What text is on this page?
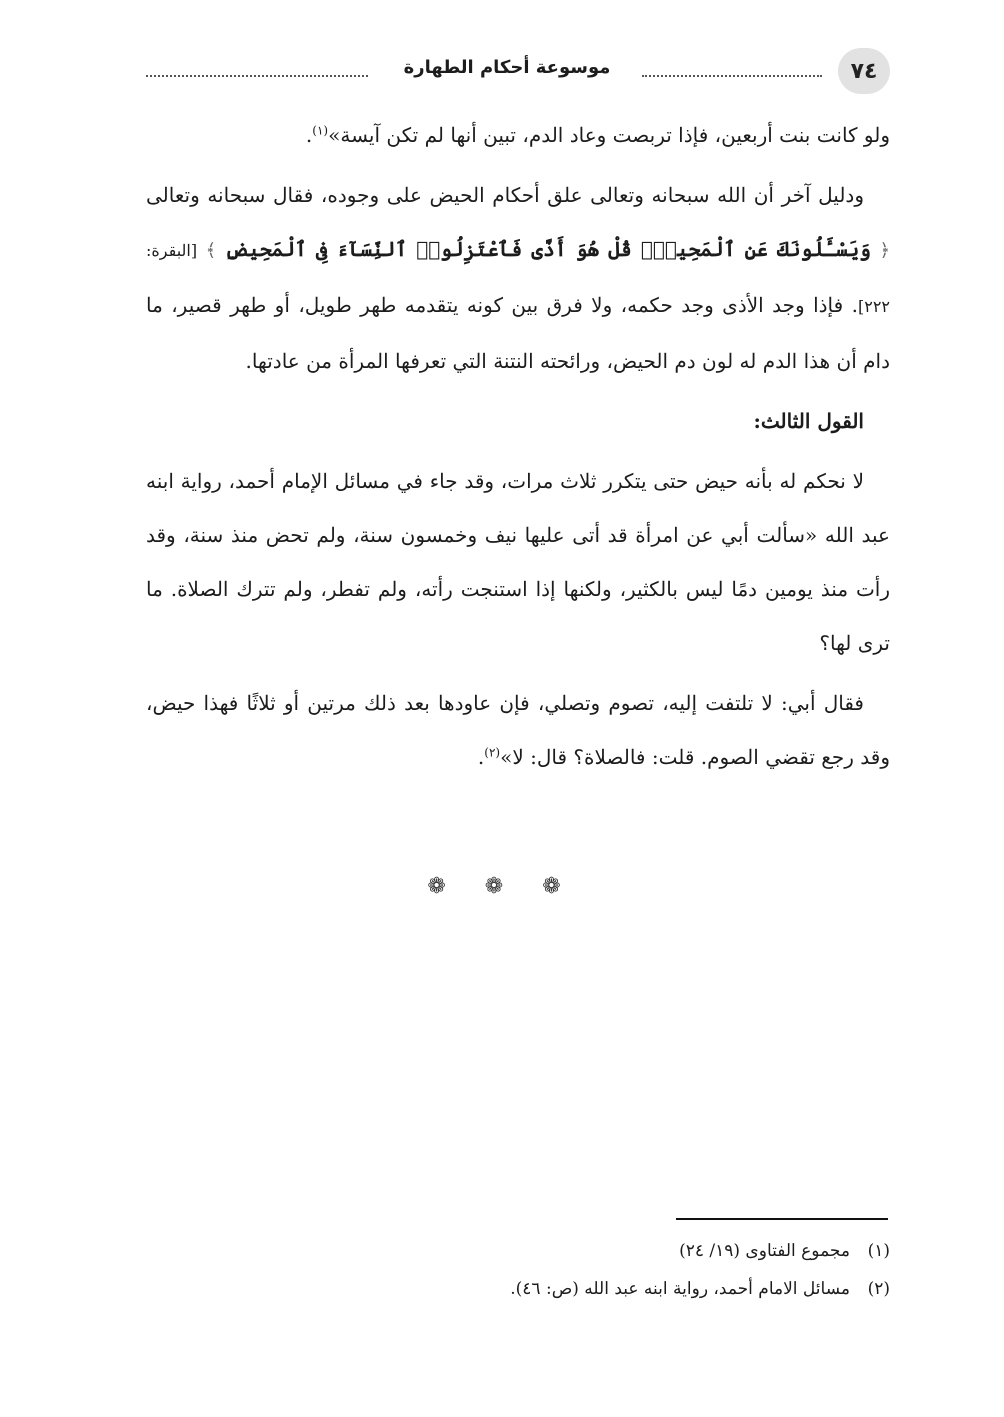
موسوعة أحكام الطهارة	٧٤

ولو كانت بنت أربعين، فإذا تربصت وعاد الدم، تبين أنها لم تكن آيسة»$^{(١)}$.

ودليل آخر أن الله سبحانه وتعالى علق أحكام الحيض على وجوده، فقال سبحانه وتعالى ﴿ وَيَسْـَٔلُونَكَ عَنِ ٱلْمَحِيضِۖ قُلْ هُوَ أَذًى فَٱعْتَزِلُوا۟ ٱلنِّسَآءَ فِى ٱلْمَحِيضِ ﴾ [البقرة: ٢٢٢]. فإذا وجد الأذى وجد حكمه، ولا فرق بين كونه يتقدمه طهر طويل، أو طهر قصير، ما دام أن هذا الدم له لون دم الحيض، ورائحته النتنة التي تعرفها المرأة من عادتها.

القول الثالث:

لا نحكم له بأنه حيض حتى يتكرر ثلاث مرات، وقد جاء في مسائل الإمام أحمد، رواية ابنه عبد الله «سألت أبي عن امرأة قد أتى عليها نيف وخمسون سنة، ولم تحض منذ سنة، وقد رأت منذ يومين دمًا ليس بالكثير، ولكنها إذا استنجت رأته، ولم تفطر، ولم تترك الصلاة. ما ترى لها؟

فقال أبي: لا تلتفت إليه، تصوم وتصلي، فإن عاودها بعد ذلك مرتين أو ثلاثًا فهذا حيض، وقد رجع تقضي الصوم. قلت: فالصلاة؟ قال: لا»$^{(٢)}$.

❁ ❁ ❁
(١)مجموع الفتاوى (١٩/ ٢٤)
(٢)مسائل الامام أحمد، رواية ابنه عبد الله (ص: ٤٦).
